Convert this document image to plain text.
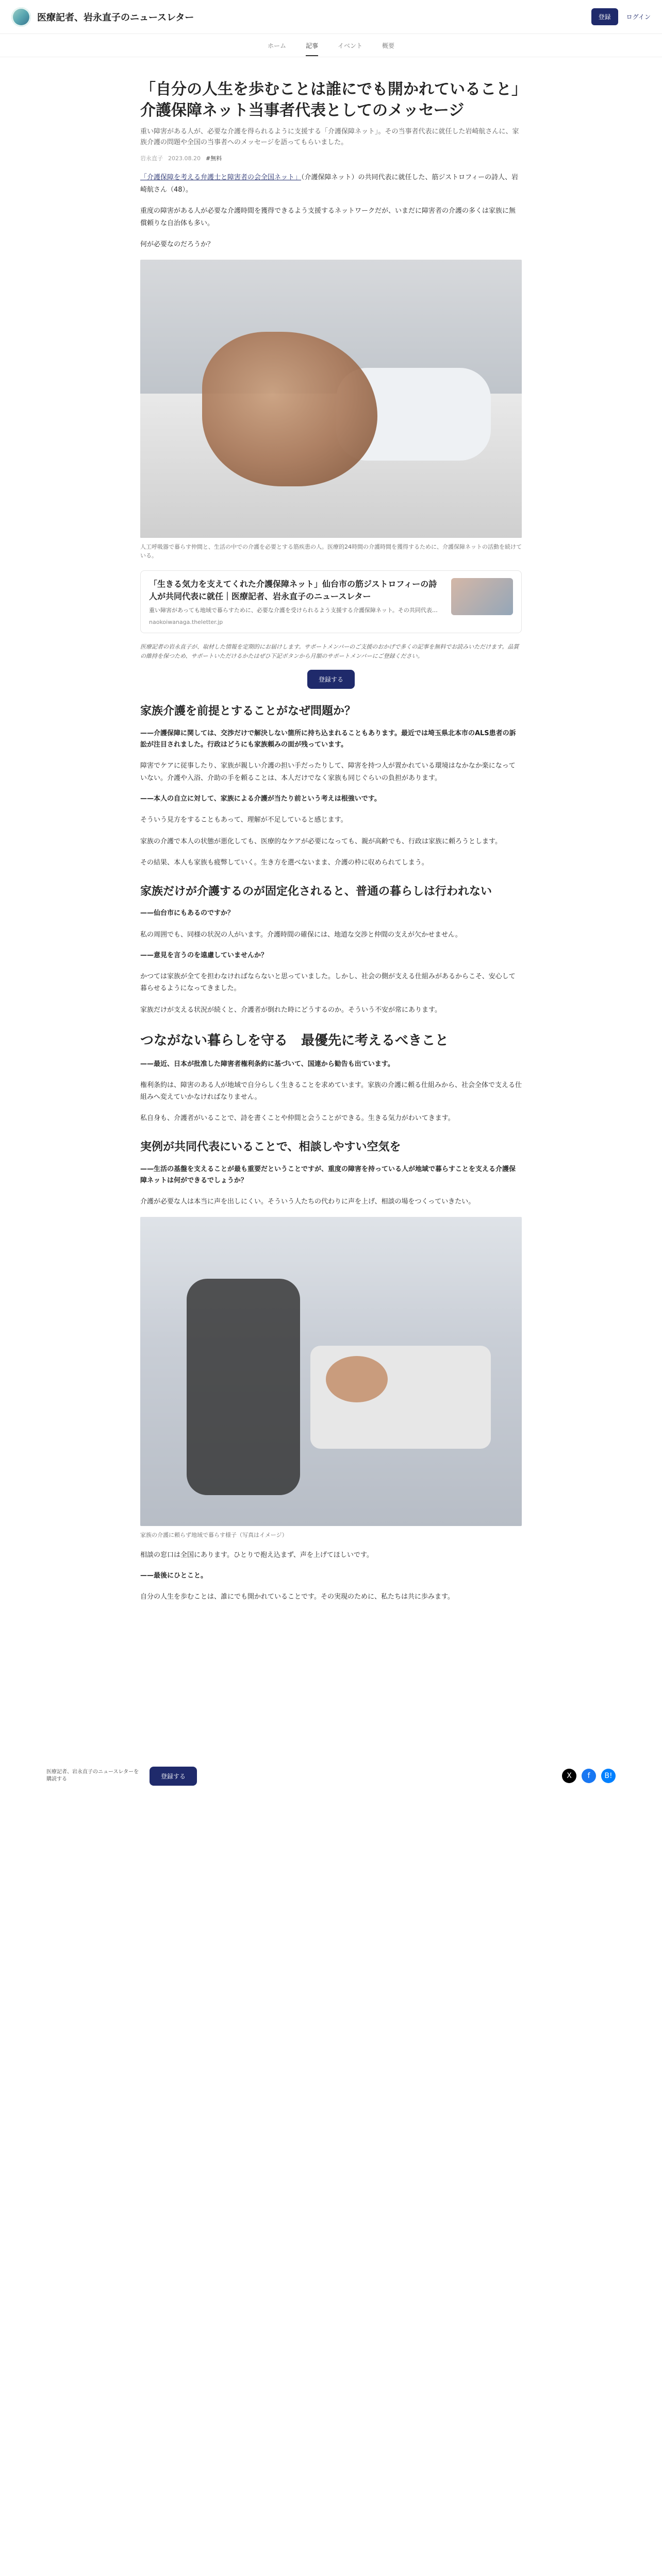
医療記者、岩永直子のニュースレター	登録	ログイン
ホーム	記事	イベント	概要
「自分の人生を歩むことは誰にでも開かれていること」介護保障ネット当事者代表としてのメッセージ
重い障害がある人が、必要な介護を得られるように支援する「介護保障ネット」。その当事者代表に就任した岩崎航さんに、家族介護の問題や全国の当事者へのメッセージを語ってもらいました。
岩永直子 2023.08.20 #無料

「介護保障を考える弁護士と障害者の会全国ネット」（介護保障ネット）の共同代表に就任した、筋ジストロフィーの詩人、岩崎航さん（48）。

重度の障害がある人が必要な介護時間を獲得できるよう支援するネットワークだが、いまだに障害者の介護の多くは家族に無償頼りな自治体も多い。

何が必要なのだろうか？

人工呼吸器で暮らす仲間と、生活の中での介護を必要とする筋疾患の人。医療的24時間の介護時間を獲得するために、介護保障ネットの活動を続けている。
「生きる気力を支えてくれた介護保障ネット」仙台市の筋ジストロフィーの詩人が共同代表に就任｜医療記者、岩永直子のニュースレター
重い障害があっても地域で暮らすために、必要な介護を受けられるよう支援する介護保障ネット。その共同代表…
naokoiwanaga.theletter.jp
医療記者の岩永直子が、取材した情報を定期的にお届けします。サポートメンバーのご支援のおかげで多くの記事を無料でお読みいただけます。品質の維持を保つため、サポートいただけるかたはぜひ下記ボタンから月額のサポートメンバーにご登録ください。
登録する
家族介護を前提とすることがなぜ問題か？
——介護保障に関しては、交渉だけで解決しない箇所に持ち込まれることもあります。最近では埼玉県北本市のALS患者の訴訟が注目されました。行政はどうにも家族頼みの面が残っています。

障害でケアに従事したり、家族が親しい介護の担い手だったりして、障害を持つ人が置かれている環境はなかなか楽になっていない。介護や入浴、介助の手を頼ることは、本人だけでなく家族も同じぐらいの負担があります。

——本人の自立に対して、家族による介護が当たり前という考えは根強いです。

そういう見方をすることもあって、理解が不足していると感じます。

家族の介護で本人の状態が悪化しても、医療的なケアが必要になっても、親が高齢でも、行政は家族に頼ろうとします。

その結果、本人も家族も疲弊していく。生き方を選べないまま、介護の枠に収められてしまう。

家族だけが介護するのが固定化されると、普通の暮らしは行われない
——仙台市にもあるのですか？

私の周囲でも、同様の状況の人がいます。介護時間の確保には、地道な交渉と仲間の支えが欠かせません。

——意見を言うのを遠慮していませんか？

かつては家族が全てを担わなければならないと思っていました。しかし、社会の側が支える仕組みがあるからこそ、安心して暮らせるようになってきました。

家族だけが支える状況が続くと、介護者が倒れた時にどうするのか。そういう不安が常にあります。

つながない暮らしを守る　最優先に考えるべきこと
——最近、日本が批准した障害者権利条約に基づいて、国連から勧告も出ています。

権利条約は、障害のある人が地域で自分らしく生きることを求めています。家族の介護に頼る仕組みから、社会全体で支える仕組みへ変えていかなければなりません。

私自身も、介護者がいることで、詩を書くことや仲間と会うことができる。生きる気力がわいてきます。

実例が共同代表にいることで、相談しやすい空気を
——生活の基盤を支えることが最も重要だということですが、重度の障害を持っている人が地域で暮らすことを支える介護保障ネットは何ができるでしょうか？

介護が必要な人は本当に声を出しにくい。そういう人たちの代わりに声を上げ、相談の場をつくっていきたい。

家族の介護に頼らず地域で暮らす様子（写真はイメージ）

相談の窓口は全国にあります。ひとりで抱え込まず、声を上げてほしいです。

——最後にひとこと。

自分の人生を歩むことは、誰にでも開かれていることです。その実現のために、私たちは共に歩みます。

医療記者、岩永直子のニュースレターを購読する	登録する	X	f	B!
